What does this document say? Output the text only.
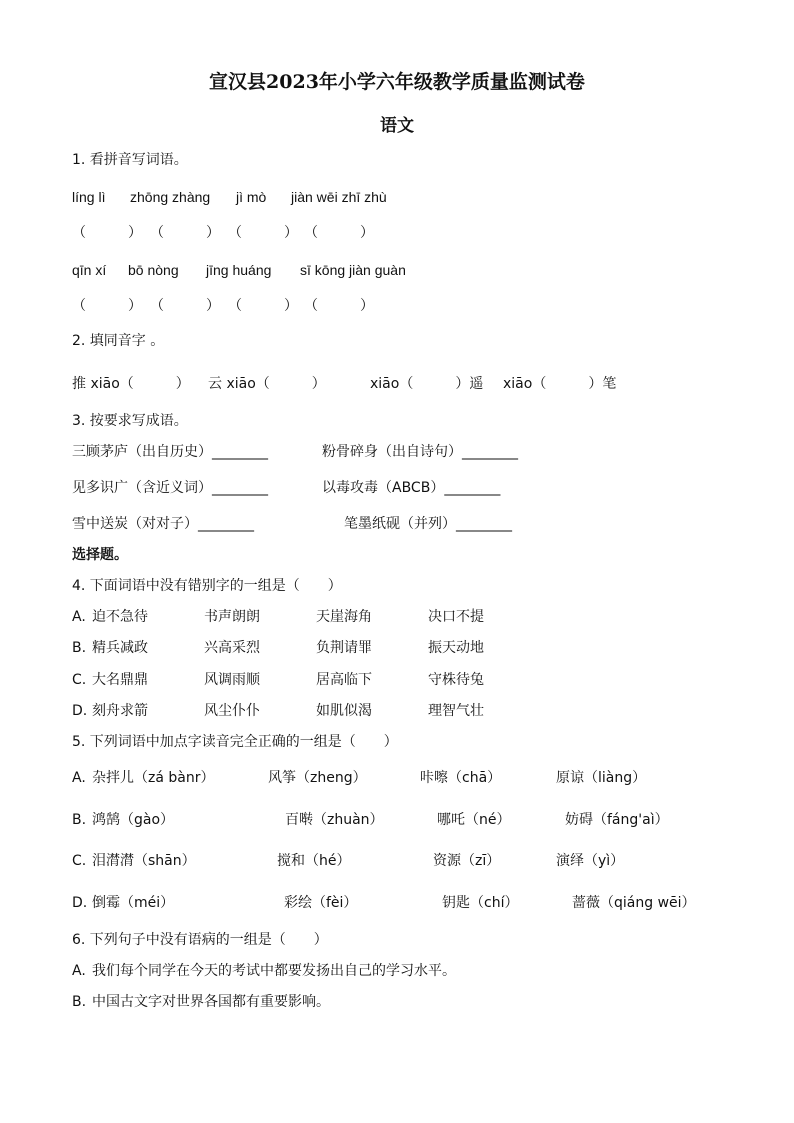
宣汉县2023年小学六年级教学质量监测试卷
语文
1. 看拼音写词语。
líng lì zhōng zhàng jì mò jiàn wēi zhī zhù
（　　　） （　　　） （　　　） （　　　）
qīn xí bō nòng jīng huáng sī kōng jiàn guàn
（　　　） （　　　） （　　　） （　　　）
2. 填同音字 。
推 xiāo（　　　） 云 xiāo（　　　）	xiāo（　　　）遥 xiāo（　　　）笔
3. 按要求写成语。
三顾茅庐（出自历史）________	粉骨碎身（出自诗句）________
见多识广（含近义词）________	以毒攻毒（ABCB）________
雪中送炭（对对子）________	笔墨纸砚（并列）________
选择题。
4. 下面词语中没有错别字的一组是（　　）
A. 迫不急待	书声朗朗	天崖海角	决口不提
B. 精兵减政	兴高采烈	负荆请罪	振天动地
C. 大名鼎鼎	风调雨顺	居高临下	守株待兔
D. 刻舟求箭	风尘仆仆	如肌似渴	理智气壮
5. 下列词语中加点字读音完全正确的一组是（　　）
A. 杂拌儿（zá bànr）	风筝（zheng）	咔嚓（chā）	原谅（liàng）
B. 鸿鹄（gào）	百啭（zhuàn）	哪吒（né）	妨碍（fáng'aì）
C. 泪潸潸（shān）	搅和（hé）	资源（zī）	演绎（yì）
D. 倒霉（méi）	彩绘（fèi）	钥匙（chí）	蔷薇（qiáng wēi）
6. 下列句子中没有语病的一组是（　　）
A. 我们每个同学在今天的考试中都要发扬出自己的学习水平。
B. 中国古文字对世界各国都有重要影响。
